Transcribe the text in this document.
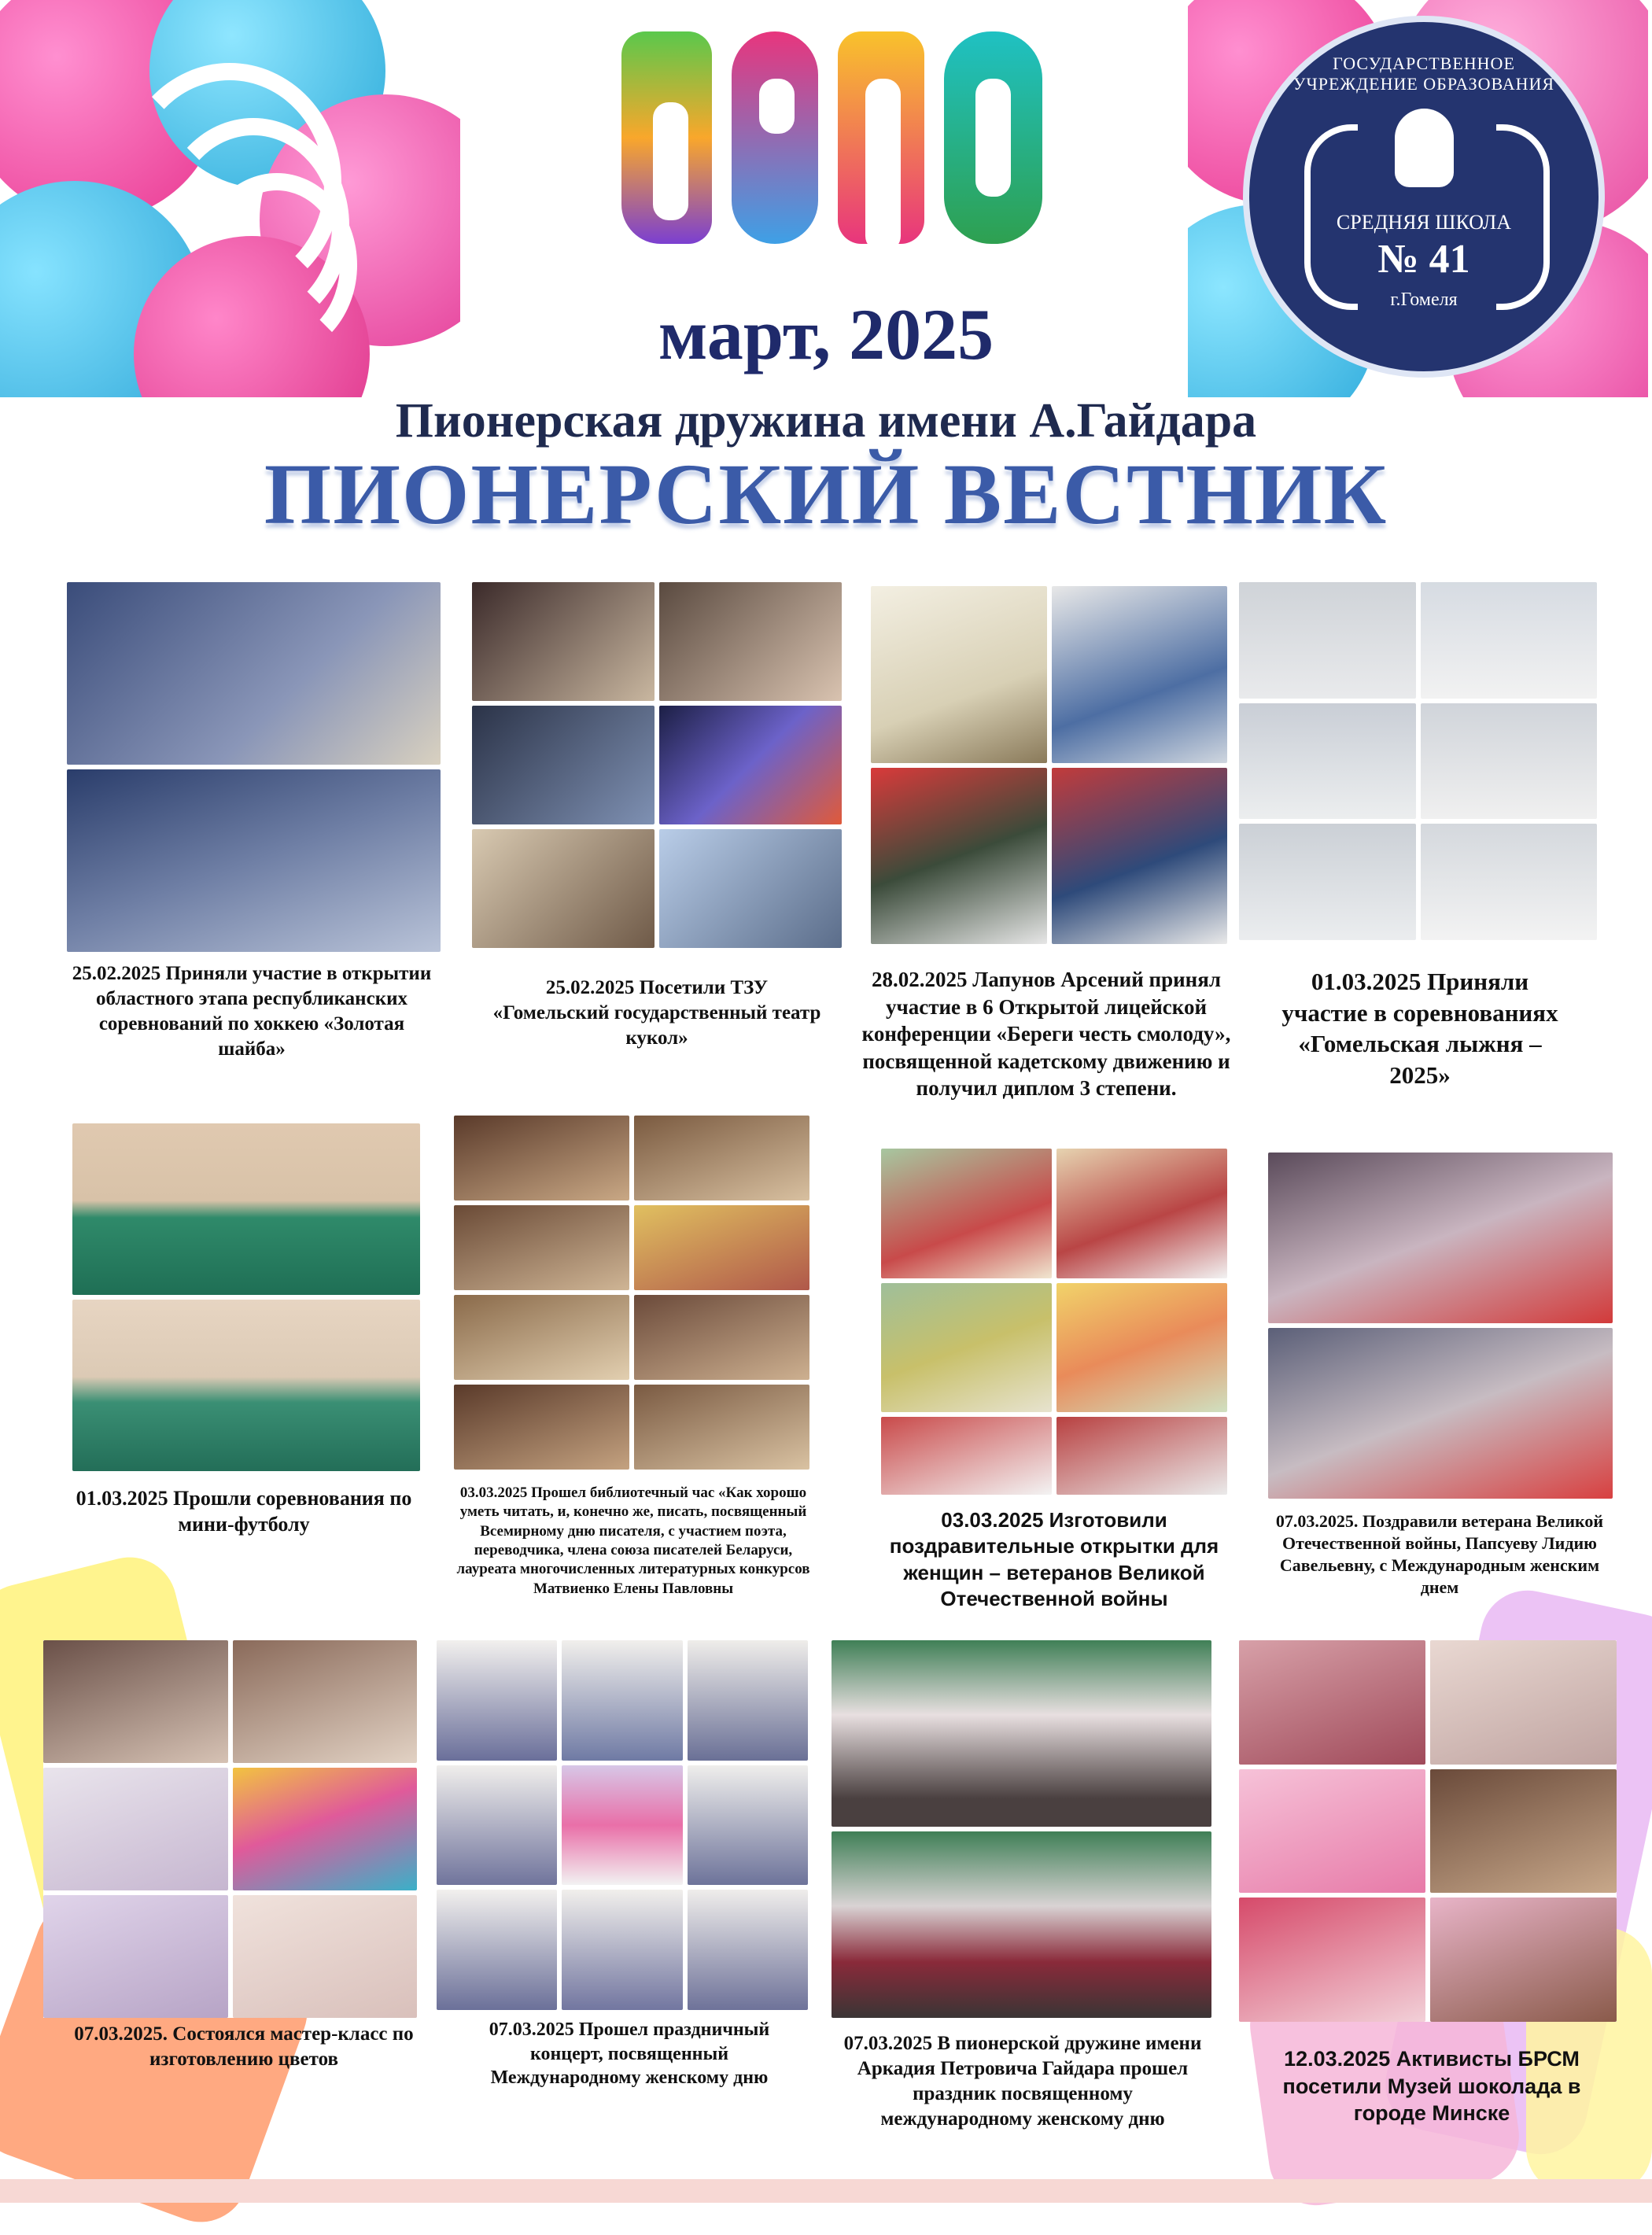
март, 2025
ГОСУДАРСТВЕННОЕ УЧРЕЖДЕНИЕ ОБРАЗОВАНИЯ
СРЕДНЯЯ ШКОЛА
№ 41
г.Гомеля
Пионерская дружина имени А.Гайдара
ПИОНЕРСКИЙ ВЕСТНИК
25.02.2025 Приняли участие в открытии областного этапа республиканских соревнований по хоккею «Золотая шайба»
25.02.2025 Посетили ТЗУ «Гомельский государственный театр кукол»
28.02.2025 Лапунов Арсений принял участие в 6 Открытой лицейской конференции «Береги честь смолоду», посвященной кадетскому движению и получил диплом 3 степени.
01.03.2025 Приняли участие в соревнованиях «Гомельская лыжня – 2025»
01.03.2025 Прошли соревнования по мини-футболу
03.03.2025 Прошел библиотечный час «Как хорошо уметь читать, и, конечно же, писать, посвященный Всемирному дню писателя, с участием поэта, переводчика, члена союза писателей Беларуси, лауреата многочисленных литературных конкурсов Матвиенко Елены Павловны
03.03.2025 Изготовили поздравительные открытки для женщин – ветеранов Великой Отечественной войны
07.03.2025. Поздравили ветерана Великой Отечественной войны, Папсуеву Лидию Савельевну, с Международным женским днем
07.03.2025. Состоялся мастер-класс по изготовлению цветов
07.03.2025 Прошел праздничный концерт, посвященный Международному женскому дню
07.03.2025 В пионерской дружине имени Аркадия Петровича Гайдара прошел праздник посвященному международному женскому дню
12.03.2025 Активисты БРСМ посетили Музей шоколада в городе Минске
